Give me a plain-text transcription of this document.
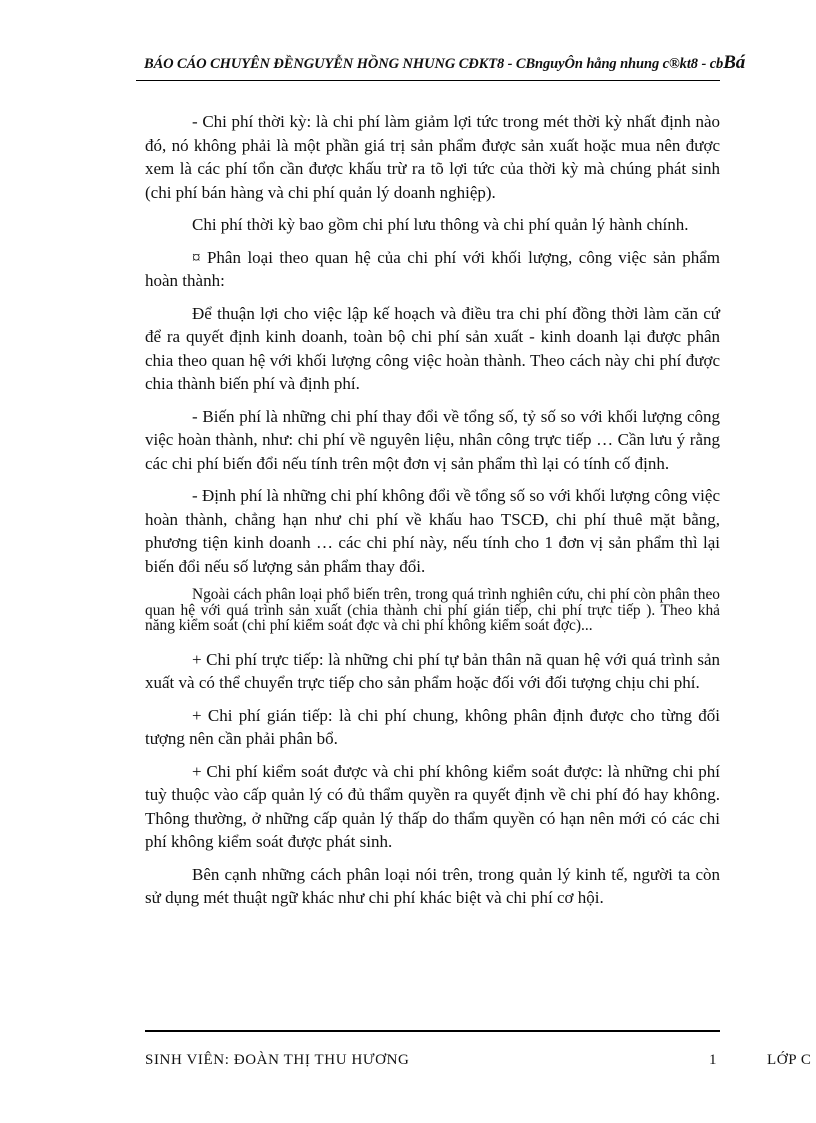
BÁO CÁO CHUYÊN ĐỀNGUYỄN HỒNG NHUNG CĐKT8 - CBnguyÔn hång nhung c®kt8 - cbBá

- Chi phí thời kỳ: là chi phí làm giảm lợi tức trong mét thời kỳ nhất định nào đó, nó không phải là một phần giá trị sản phẩm được sản xuất hoặc mua nên được xem là các phí tổn cần được khấu trừ ra tõ lợi tức của thời kỳ mà chúng phát sinh (chi phí bán hàng và chi phí quản lý doanh nghiệp).

Chi phí thời kỳ bao gồm chi phí lưu thông và chi phí quản lý hành chính.

¤ Phân loại theo quan hệ của chi phí với khối lượng, công việc sản phẩm hoàn thành:

Để thuận lợi cho việc lập kế hoạch và điều tra chi phí đồng thời làm căn cứ để ra quyết định kinh doanh, toàn bộ chi phí sản xuất - kinh doanh lại được phân chia theo quan hệ với khối lượng công việc hoàn thành. Theo cách này chi phí được chia thành biến phí và định phí.

- Biến phí là những chi phí thay đổi về tổng số, tỷ số so với khối lượng công việc hoàn thành, như: chi phí về nguyên liệu, nhân công trực tiếp … Cần lưu ý rằng các chi phí biến đổi nếu tính trên một đơn vị sản phẩm thì lại có tính cố định.

- Định phí là những chi phí không đổi về tổng số so với khối lượng công việc hoàn thành, chẳng hạn như chi phí về khấu hao TSCĐ, chi phí thuê mặt bằng, phương tiện kinh doanh … các chi phí này, nếu tính cho 1 đơn vị sản phẩm thì lại biến đổi nếu số lượng sản phẩm thay đổi.

Ngoài cách phân loại phổ biến trên, trong quá trình nghiên cứu, chi phí còn phân theo quan hệ với quá trình sản xuất (chia thành chi phí gián tiếp, chi phí trực tiếp ). Theo khả năng kiểm soát (chi phí kiểm soát đợc và chi phí không kiểm soát đợc)...

+ Chi phí trực tiếp: là những chi phí tự bản thân nã quan hệ với quá trình sản xuất và có thể chuyển trực tiếp cho sản phẩm hoặc đối với đối tượng chịu chi phí.

+ Chi phí gián tiếp: là chi phí chung, không phân định được cho từng đối tượng nên cần phải phân bổ.

+ Chi phí kiểm soát được và chi phí không kiểm soát được: là những chi phí tuỳ thuộc vào cấp quản lý có đủ thẩm quyền ra quyết định về chi phí đó hay không. Thông thường, ở những cấp quản lý thấp do thẩm quyền có hạn nên mới có các chi phí không kiểm soát được phát sinh.

Bên cạnh những cách phân loại nói trên, trong quản lý kinh tế, người ta còn sử dụng mét thuật ngữ khác như chi phí khác biệt và chi phí cơ hội.

SINH VIÊN: ĐOÀN THỊ THU HƯƠNG	1	LỚP C
